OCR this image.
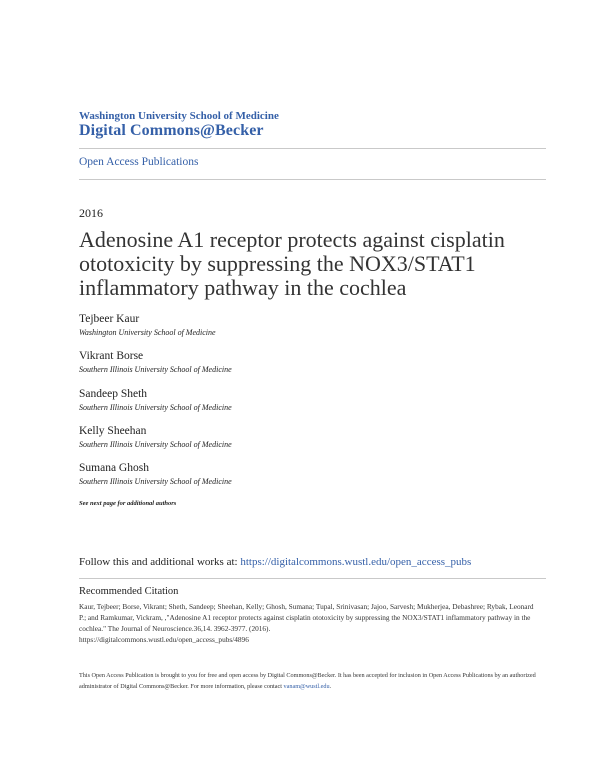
Washington University School of Medicine
Digital Commons@Becker
Open Access Publications
2016
Adenosine A1 receptor protects against cisplatin ototoxicity by suppressing the NOX3/STAT1 inflammatory pathway in the cochlea
Tejbeer Kaur
Washington University School of Medicine
Vikrant Borse
Southern Illinois University School of Medicine
Sandeep Sheth
Southern Illinois University School of Medicine
Kelly Sheehan
Southern Illinois University School of Medicine
Sumana Ghosh
Southern Illinois University School of Medicine
See next page for additional authors
Follow this and additional works at: https://digitalcommons.wustl.edu/open_access_pubs
Recommended Citation
Kaur, Tejbeer; Borse, Vikrant; Sheth, Sandeep; Sheehan, Kelly; Ghosh, Sumana; Tupal, Srinivasan; Jajoo, Sarvesh; Mukherjea, Debashree; Rybak, Leonard P.; and Ramkumar, Vickram, ,"Adenosine A1 receptor protects against cisplatin ototoxicity by suppressing the NOX3/STAT1 inflammatory pathway in the cochlea." The Journal of Neuroscience.36,14. 3962-3977. (2016).
https://digitalcommons.wustl.edu/open_access_pubs/4896
This Open Access Publication is brought to you for free and open access by Digital Commons@Becker. It has been accepted for inclusion in Open Access Publications by an authorized administrator of Digital Commons@Becker. For more information, please contact vanam@wustl.edu.
